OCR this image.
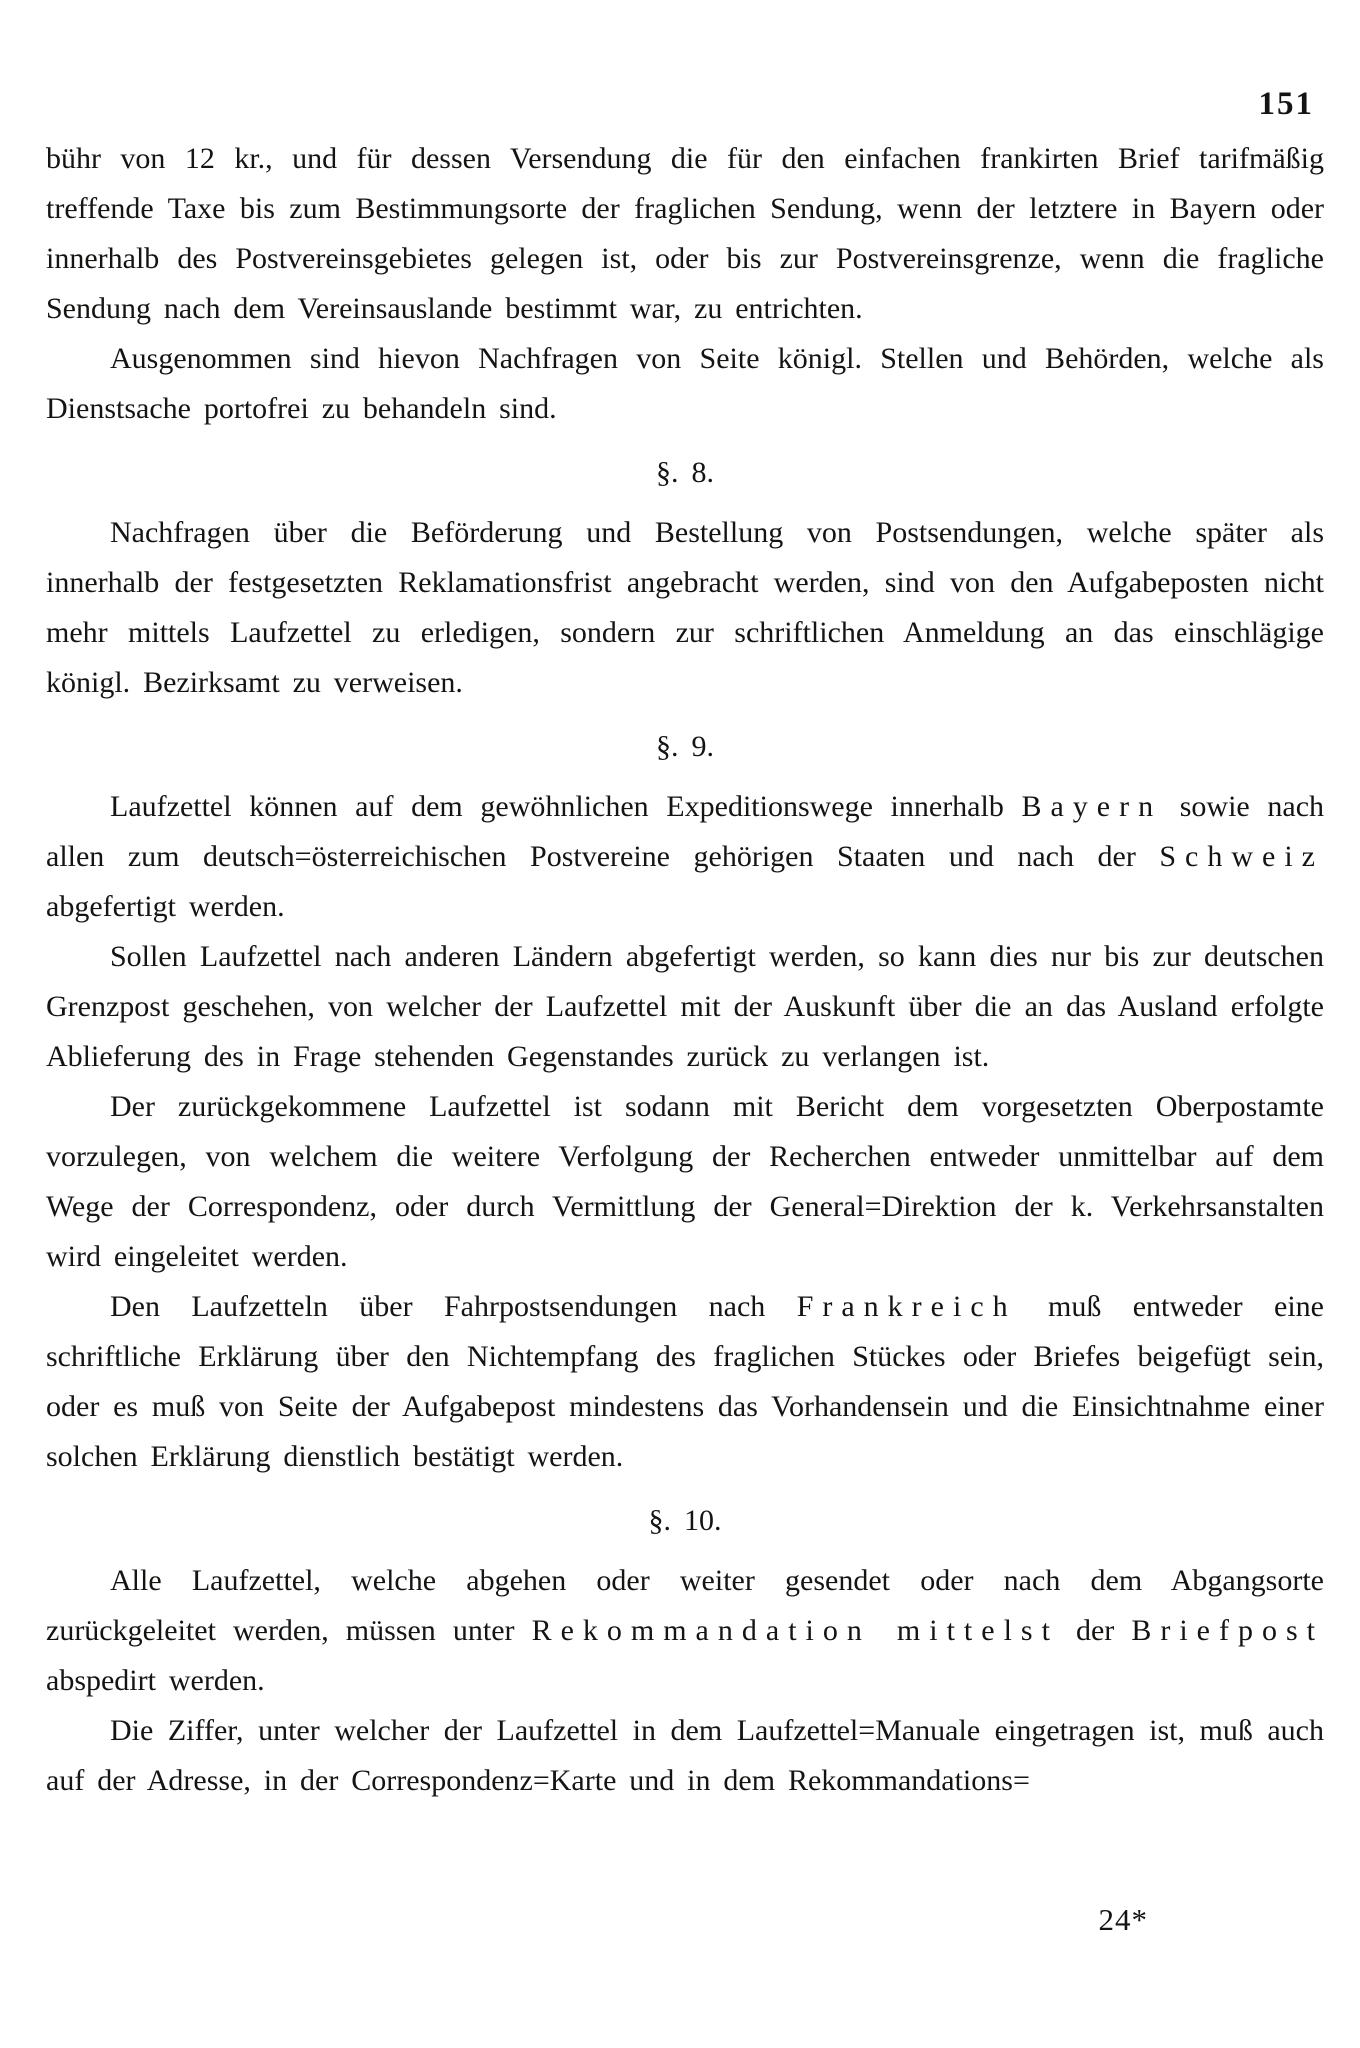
151

bühr von 12 kr., und für dessen Versendung die für den einfachen frankirten Brief tarifmäßig treffende Taxe bis zum Bestimmungsorte der fraglichen Sendung, wenn der letztere in Bayern oder innerhalb des Postvereinsgebietes gelegen ist, oder bis zur Postvereinsgrenze, wenn die fragliche Sendung nach dem Vereinsauslande bestimmt war, zu entrichten.

Ausgenommen sind hievon Nachfragen von Seite königl. Stellen und Behörden, welche als Dienstsache portofrei zu behandeln sind.

§. 8.

Nachfragen über die Beförderung und Bestellung von Postsendungen, welche später als innerhalb der festgesetzten Reklamationsfrist angebracht werden, sind von den Aufgabeposten nicht mehr mittels Laufzettel zu erledigen, sondern zur schriftlichen Anmeldung an das einschlägige königl. Bezirksamt zu verweisen.

§. 9.

Laufzettel können auf dem gewöhnlichen Expeditionswege innerhalb Bayern sowie nach allen zum deutsch=österreichischen Postvereine gehörigen Staaten und nach der Schweiz abgefertigt werden.

Sollen Laufzettel nach anderen Ländern abgefertigt werden, so kann dies nur bis zur deutschen Grenzpost geschehen, von welcher der Laufzettel mit der Auskunft über die an das Ausland erfolgte Ablieferung des in Frage stehenden Gegenstandes zurück zu verlangen ist.

Der zurückgekommene Laufzettel ist sodann mit Bericht dem vorgesetzten Oberpostamte vorzulegen, von welchem die weitere Verfolgung der Recherchen entweder unmittelbar auf dem Wege der Correspondenz, oder durch Vermittlung der General=Direktion der k. Verkehrsanstalten wird eingeleitet werden.

Den Laufzetteln über Fahrpostsendungen nach Frankreich muß entweder eine schriftliche Erklärung über den Nichtempfang des fraglichen Stückes oder Briefes beigefügt sein, oder es muß von Seite der Aufgabepost mindestens das Vorhandensein und die Einsichtnahme einer solchen Erklärung dienstlich bestätigt werden.

§. 10.

Alle Laufzettel, welche abgehen oder weiter gesendet oder nach dem Abgangsorte zurückgeleitet werden, müssen unter Rekommandation mittelst der Briefpost abspedirt werden.

Die Ziffer, unter welcher der Laufzettel in dem Laufzettel=Manuale eingetragen ist, muß auch auf der Adresse, in der Correspondenz=Karte und in dem Rekommandations=

24*
